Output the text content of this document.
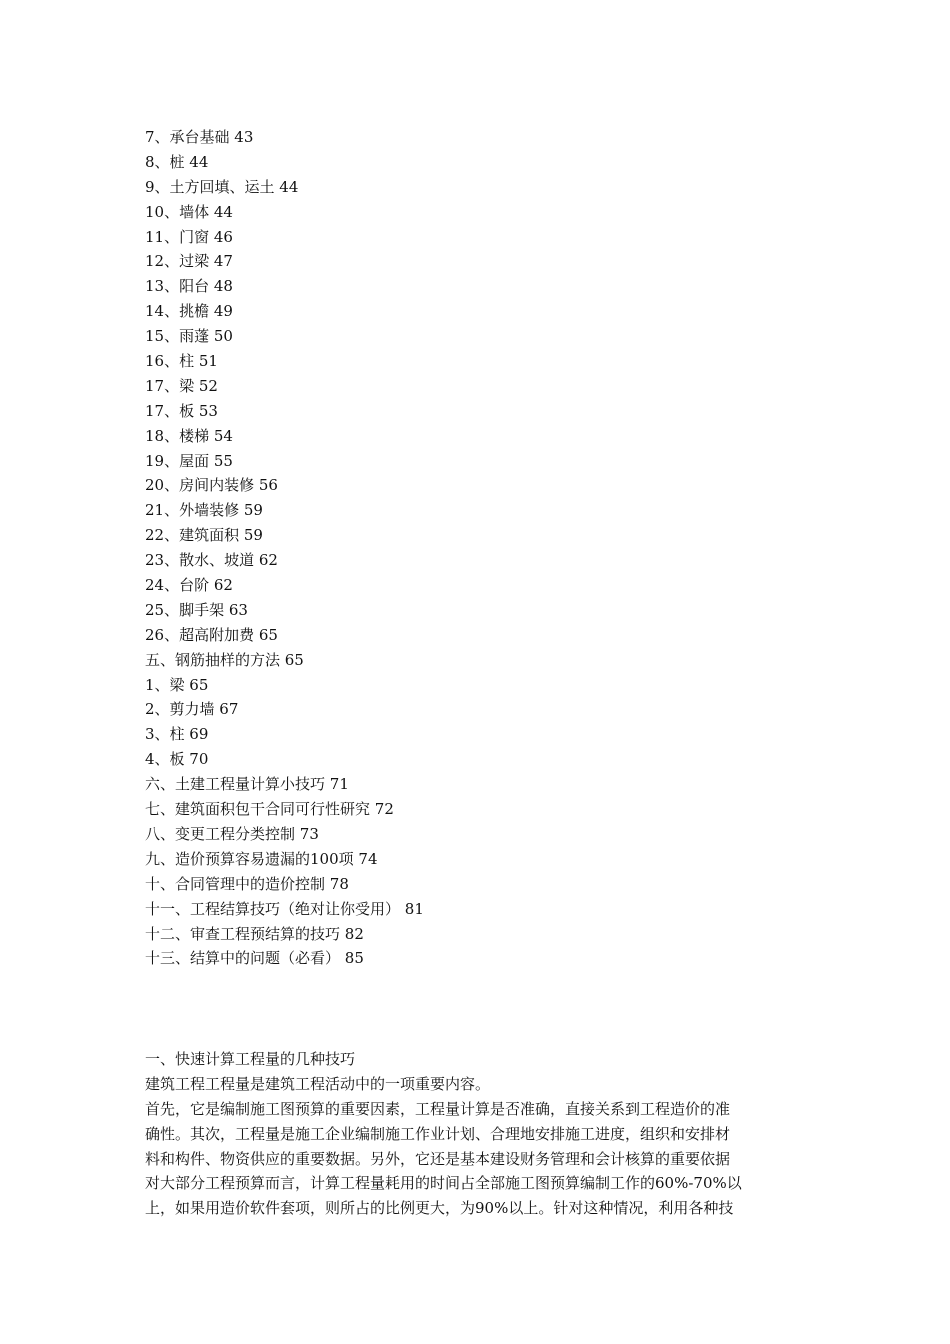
7、承台基础 43
8、桩 44
9、土方回填、运土 44
10、墙体 44
11、门窗 46
12、过梁 47
13、阳台 48
14、挑檐 49
15、雨蓬 50
16、柱 51
17、梁 52
17、板 53
18、楼梯 54
19、屋面 55
20、房间内装修 56
21、外墙装修 59
22、建筑面积 59
23、散水、坡道 62
24、台阶 62
25、脚手架 63
26、超高附加费 65
五、钢筋抽样的方法 65
1、梁 65
2、剪力墙 67
3、柱 69
4、板 70
六、土建工程量计算小技巧 71
七、建筑面积包干合同可行性研究 72
八、变更工程分类控制 73
九、造价预算容易遗漏的100项 74
十、合同管理中的造价控制 78
十一、工程结算技巧（绝对让你受用） 81
十二、审查工程预结算的技巧 82
十三、结算中的问题（必看） 85
一、快速计算工程量的几种技巧
建筑工程工程量是建筑工程活动中的一项重要内容。
首先，它是编制施工图预算的重要因素，工程量计算是否准确，直接关系到工程造价的准
确性。其次，工程量是施工企业编制施工作业计划、合理地安排施工进度，组织和安排材
料和构件、物资供应的重要数据。另外，它还是基本建设财务管理和会计核算的重要依据
对大部分工程预算而言，计算工程量耗用的时间占全部施工图预算编制工作的60%-70%以
上，如果用造价软件套项，则所占的比例更大，为90%以上。针对这种情况，利用各种技
